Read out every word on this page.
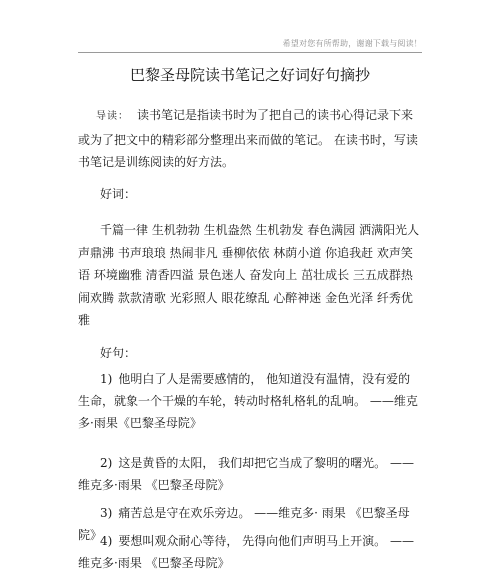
希望对您有所帮助，谢谢下载与阅读！
巴黎圣母院读书笔记之好词好句摘抄

导读： 读书笔记是指读书时为了把自己的读书心得记录下来或为了把文中的精彩部分整理出来而做的笔记。 在读书时，写读书笔记是训练阅读的好方法。

好词：

千篇一律 生机勃勃 生机盎然 生机勃发 春色满园 洒满阳光人声鼎沸 书声琅琅 热闹非凡 垂柳依依 林荫小道 你追我赶 欢声笑语 环境幽雅 清香四溢 景色迷人 奋发向上 茁壮成长 三五成群热闹欢腾 款款清歌 光彩照人 眼花缭乱 心醉神迷 金色光泽 纤秀优雅

好句：

1) 他明白了人是需要感情的， 他知道没有温情，没有爱的生命，就象一个干燥的车轮，转动时格轧格轧的乱响。 ——维克多·雨果《巴黎圣母院》

2) 这是黄昏的太阳， 我们却把它当成了黎明的曙光。 ——维克多·雨果 《巴黎圣母院》

3) 痛苦总是守在欢乐旁边。 ——维克多· 雨果 《巴黎圣母院》

4) 要想叫观众耐心等待， 先得向他们声明马上开演。 ——维克多·雨果 《巴黎圣母院》
